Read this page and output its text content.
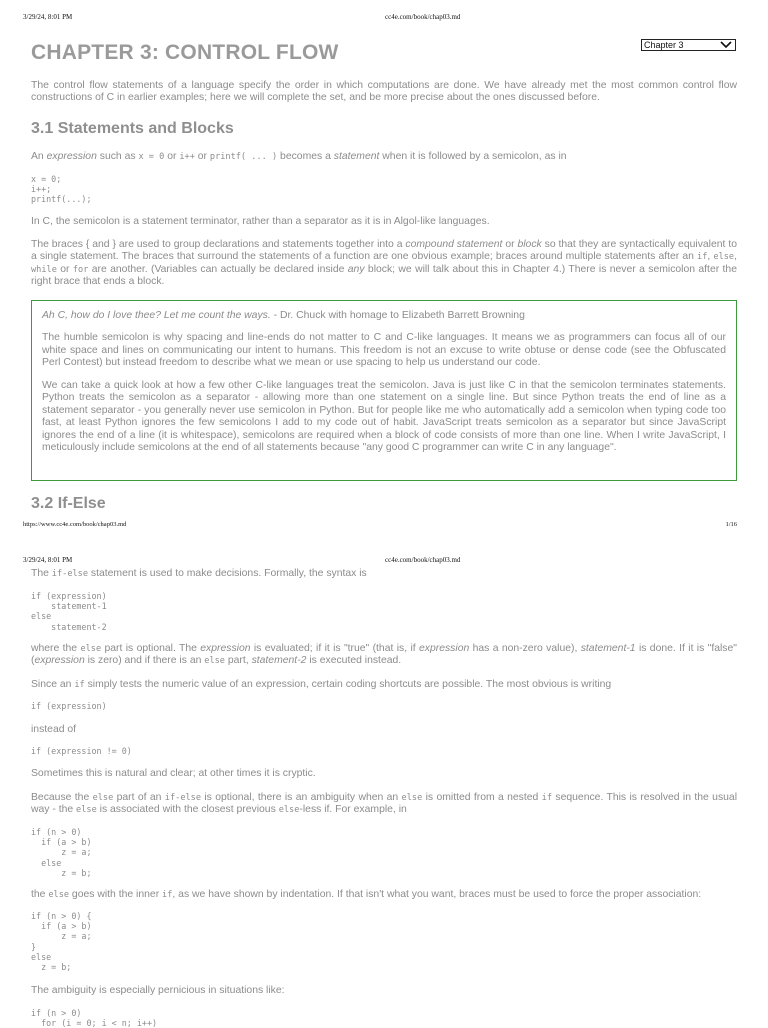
3/29/24, 8:01 PM	cc4e.com/book/chap03.md
Chapter 3
CHAPTER 3: CONTROL FLOW

The control flow statements of a language specify the order in which computations are done. We have already met the most common control flow constructions of C in earlier examples; here we will complete the set, and be more precise about the ones discussed before.

3.1 Statements and Blocks

An expression such as x = 0 or i++ or printf( ... ) becomes a statement when it is followed by a semicolon, as in

x = 0;
i++;
printf(...);

In C, the semicolon is a statement terminator, rather than a separator as it is in Algol-like languages.

The braces { and } are used to group declarations and statements together into a compound statement or block so that they are syntactically equivalent to a single statement. The braces that surround the statements of a function are one obvious example; braces around multiple statements after an if, else, while or for are another. (Variables can actually be declared inside any block; we will talk about this in Chapter 4.) There is never a semicolon after the right brace that ends a block.

Ah C, how do I love thee? Let me count the ways. - Dr. Chuck with homage to Elizabeth Barrett Browning

The humble semicolon is why spacing and line-ends do not matter to C and C-like languages. It means we as programmers can focus all of our white space and lines on communicating our intent to humans. This freedom is not an excuse to write obtuse or dense code (see the Obfuscated Perl Contest) but instead freedom to describe what we mean or use spacing to help us understand our code.

We can take a quick look at how a few other C-like languages treat the semicolon. Java is just like C in that the semicolon terminates statements. Python treats the semicolon as a separator - allowing more than one statement on a single line. But since Python treats the end of line as a statement separator - you generally never use semicolon in Python. But for people like me who automatically add a semicolon when typing code too fast, at least Python ignores the few semicolons I add to my code out of habit. JavaScript treats semicolon as a separator but since JavaScript ignores the end of a line (it is whitespace), semicolons are required when a block of code consists of more than one line. When I write JavaScript, I meticulously include semicolons at the end of all statements because "any good C programmer can write C in any language".

3.2 If-Else
https://www.cc4e.com/book/chap03.md	1/16
3/29/24, 8:01 PM	cc4e.com/book/chap03.md

The if-else statement is used to make decisions. Formally, the syntax is

if (expression)
statement-1
else
statement-2

where the else part is optional. The expression is evaluated; if it is "true" (that is, if expression has a non-zero value), statement-1 is done. If it is "false" (expression is zero) and if there is an else part, statement-2 is executed instead.

Since an if simply tests the numeric value of an expression, certain coding shortcuts are possible. The most obvious is writing

if (expression)

instead of

if (expression != 0)

Sometimes this is natural and clear; at other times it is cryptic.

Because the else part of an if-else is optional, there is an ambiguity when an else is omitted from a nested if sequence. This is resolved in the usual way - the else is associated with the closest previous else-less if. For example, in

if (n > 0)
if (a > b)
z = a;
else
z = b;

the else goes with the inner if, as we have shown by indentation. If that isn't what you want, braces must be used to force the proper association:

if (n > 0) {
if (a > b)
z = a;
}
else
z = b;

The ambiguity is especially pernicious in situations like:

if (n > 0)
for (i = 0; i < n; i++)
